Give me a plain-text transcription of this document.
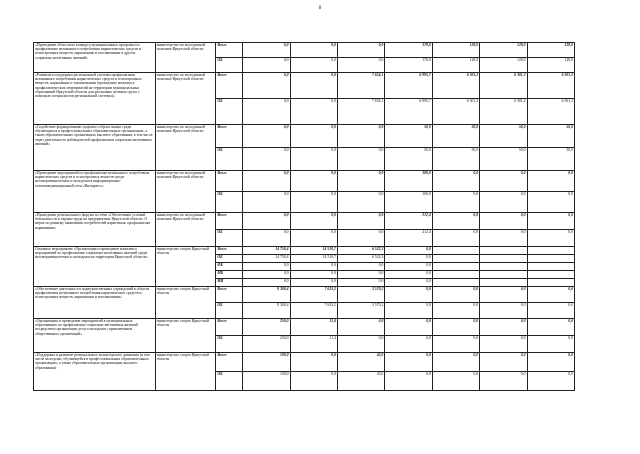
8
«Проведение областного конкурса муниципальных программ по профилактике незаконного потребления наркотических средств и психотропных веществ, наркомании и токсикомании и других социально-негативных явлений»	министерство по молодежной политике Иркутской области	Всего	0,0	0,0	0,0	178,0	128,0	128,0	128,0
		ОБ	0,0	0,0	0,0	178,0	128,0	128,0	128,0
«Развитие и поддержка региональной системы профилактики незаконного потребления наркотических средств и психотропных веществ, наркомании и токсикомании (проведение комплекса профилактических мероприятий на территории муниципальных образований Иркутской области для различных целевых групп с помощью специалистов региональной системы)»	министерство по молодежной политике Иркутской области	Всего	0,0	0,0	7 654,1	6 995,7	6 301,2	6 301,2	6 301,2
		ОБ	0,0	0,0	7 654,1	6 995,7	6 301,2	6 301,2	6 301,2
«Содействие формированию здорового образа жизни среди обучающихся в профессиональных образовательных организациях, а также образовательных организациях высшего образования, в том числе через деятельность наблюдателей профилактики социально-негативных явлений»	министерство по молодежной политике Иркутской области	Всего	0,0	0,0	0,0	50,0	50,0	50,0	50,0
		ОБ	0,0	0,0	0,0	50,0	50,0	50,0	50,0
«Проведение мероприятий по профилактике незаконного потребления наркотических средств и психотропных веществ среди несовершеннолетних и молодежи в информационно-телекоммуникационной сети «Интернет»»	министерство по молодежной политике Иркутской области	Всего	0,0	0,0	0,0	100,0	0,0	0,0	0,0
		ОБ	0,0	0,0	0,0	100,0	0,0	0,0	0,0
«Проведение регионального форума по теме «Обеспечение условий безопасности и охраны труда на предприятиях Иркутской области. О мерах по раннему выявлению потребителей наркотиков, профилактике наркомании»	министерство по молодежной политике Иркутской области	Всего	0,0	0,0	0,0	212,4	0,0	0,0	0,0
		ОБ	0,0	0,0	0,0	212,4	0,0	0,0	0,0
Основное мероприятие «Организация и проведение комплекса мероприятий по профилактике социально-негативных явлений среди несовершеннолетних и молодежи на территории Иркутской области»	министерство спорта Иркутской области	Всего	14 750,4	14 510,7	6 522,3	0,0			
		ОБ	14 750,4	14 510,7	6 522,3	0,0			
		ФБ	0,0	0,0	0,0	0,0			
		МБ	0,0	0,0	0,0	0,0			
		ИИ	0,0	0,0	0,0	0,0			
«Обеспечение деятельности подведомственных учреждений в области профилактики незаконного потребления наркотических средств и психотропных веществ, наркомании и токсикомании»	министерство спорта Иркутской области	Всего	8 300,4	7 633,2	3 570,2	0,0	0,0	0,0	0,0
		ОБ	8 300,4	7 633,2	3 570,2	0,0	0,0	0,0	0,0
«Организация и проведение мероприятий в муниципальных образованиях по профилактике социально-негативных явлений посредством организации досуга молодежи с привлечением общественных организаций»	министерство спорта Иркутской области	Всего	250,0	11,4	0,0	0,0	0,0	0,0	0,0
		ОБ	250,0	11,4	0,0	0,0	0,0	0,0	0,0
«Поддержка и развитие регионального волонтерского движения (в том числе молодежи, обучающейся в профессиональных образовательных организациях, а также образовательных организациях высшего образования)	министерство спорта Иркутской области	Всего	100,0	0,0	45,0	0,0	0,0	0,0	0,0
		ОБ	100,0	0,0	45,0	0,0	0,0	0,0	0,0
